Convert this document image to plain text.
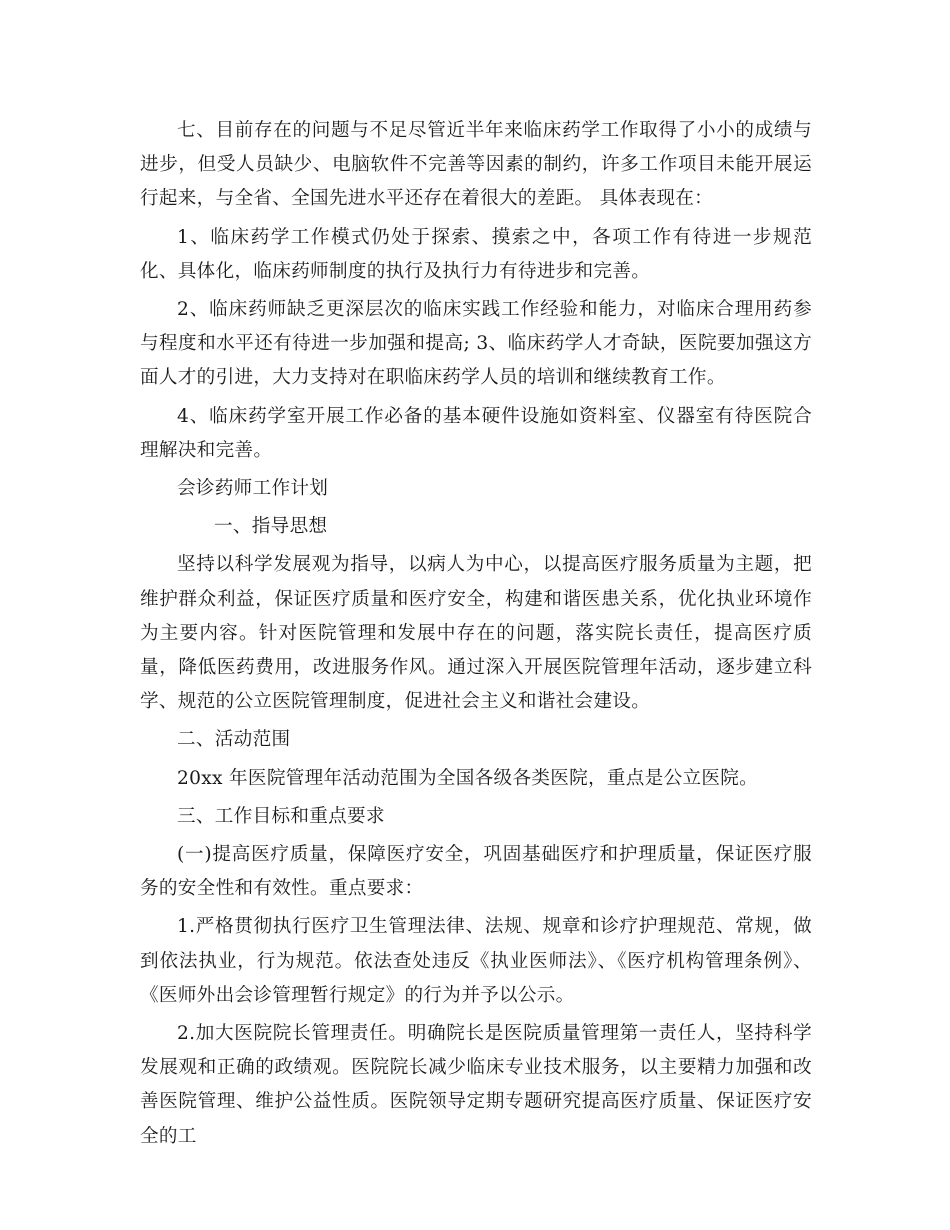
七、目前存在的问题与不足尽管近半年来临床药学工作取得了小小的成绩与进步，但受人员缺少、电脑软件不完善等因素的制约，许多工作项目未能开展运行起来，与全省、全国先进水平还存在着很大的差距。 具体表现在：

1、临床药学工作模式仍处于探索、摸索之中，各项工作有待进一步规范化、具体化，临床药师制度的执行及执行力有待进步和完善。

2、临床药师缺乏更深层次的临床实践工作经验和能力，对临床合理用药参与程度和水平还有待进一步加强和提高; 3、临床药学人才奇缺，医院要加强这方面人才的引进，大力支持对在职临床药学人员的培训和继续教育工作。

4、临床药学室开展工作必备的基本硬件设施如资料室、仪器室有待医院合理解决和完善。

会诊药师工作计划

一、指导思想

坚持以科学发展观为指导，以病人为中心，以提高医疗服务质量为主题，把维护群众利益，保证医疗质量和医疗安全，构建和谐医患关系，优化执业环境作为主要内容。针对医院管理和发展中存在的问题，落实院长责任，提高医疗质量，降低医药费用，改进服务作风。通过深入开展医院管理年活动，逐步建立科学、规范的公立医院管理制度，促进社会主义和谐社会建设。

二、活动范围

20xx 年医院管理年活动范围为全国各级各类医院，重点是公立医院。

三、工作目标和重点要求

(一)提高医疗质量，保障医疗安全，巩固基础医疗和护理质量，保证医疗服务的安全性和有效性。重点要求：

1.严格贯彻执行医疗卫生管理法律、法规、规章和诊疗护理规范、常规，做到依法执业，行为规范。依法查处违反《执业医师法》、《医疗机构管理条例》、《医师外出会诊管理暂行规定》的行为并予以公示。

2.加大医院院长管理责任。明确院长是医院质量管理第一责任人，坚持科学发展观和正确的政绩观。医院院长减少临床专业技术服务，以主要精力加强和改善医院管理、维护公益性质。医院领导定期专题研究提高医疗质量、保证医疗安全的工
